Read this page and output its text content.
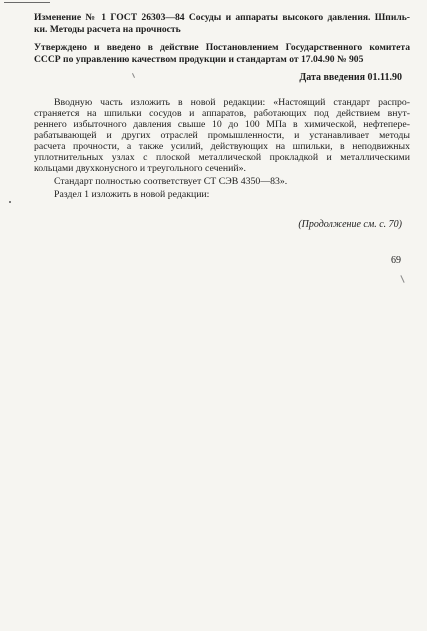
Изменение № 1 ГОСТ 26303—84 Сосуды и аппараты высокого давления. Шпиль-
ки. Методы расчета на прочность
Утверждено и введено в действие Постановлением Государственного комитета
СССР по управлению качеством продукции и стандартам от 17.04.90 № 905
Дата введения 01.11.90
Вводную часть изложить в новой редакции: «Настоящий стандарт распро-
страняется на шпильки сосудов и аппаратов, работающих под действием внут-
реннего избыточного давления свыше 10 до 100 МПа в химической, нефтепере-
рабатывающей и других отраслей промышленности, и устанавливает методы
расчета прочности, а также усилий, действующих на шпильки, в неподвижных
уплотнительных узлах с плоской металлической прокладкой и металлическими
кольцами двухконусного и треугольного сечений».
Стандарт полностью соответствует СТ СЭВ 4350—83».
Раздел 1 изложить в новой редакции:
(Продолжение см. с. 70)
69
